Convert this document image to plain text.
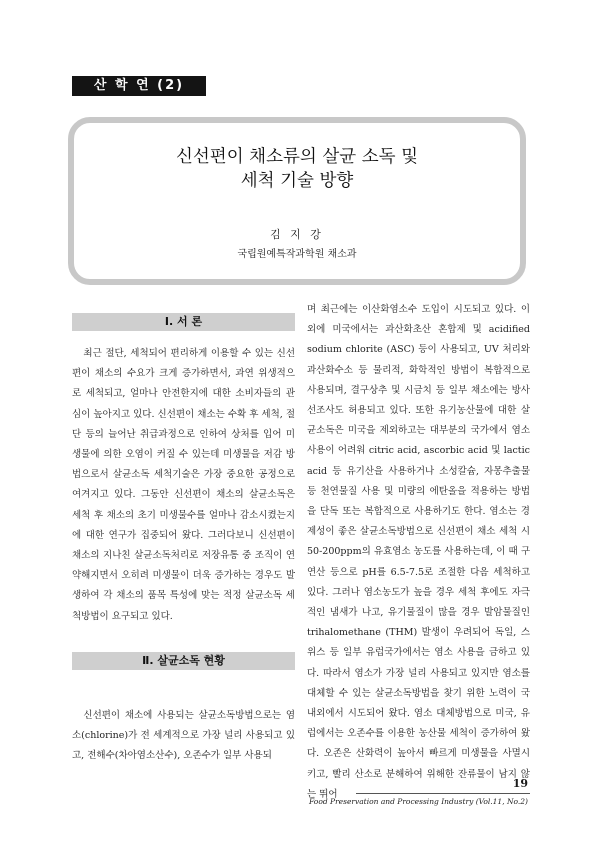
산 학 연 (2)
신선편이 채소류의 살균 소독 및
세척 기술 방향
김 지 강
국립원예특작과학원 채소과
Ⅰ. 서 론

최근 절단, 세척되어 편리하게 이용할 수 있는 신선편이 채소의 수요가 크게 증가하면서, 과연 위생적으로 세척되고, 얼마나 안전한지에 대한 소비자들의 관심이 높아지고 있다. 신선편이 채소는 수확 후 세척, 절단 등의 늘어난 취급과정으로 인하여 상처를 입어 미생물에 의한 오염이 커질 수 있는데 미생물을 저감 방법으로서 살균소독 세척기술은 가장 중요한 공정으로 여겨지고 있다. 그동안 신선편이 채소의 살균소독은 세척 후 채소의 초기 미생물수를 얼마나 감소시켰는지에 대한 연구가 집중되어 왔다. 그러다보니 신선편이 채소의 지나친 살균소독처리로 저장유통 중 조직이 연약해지면서 오히려 미생물이 더욱 증가하는 경우도 발생하여 각 채소의 품목 특성에 맞는 적정 살균소독 세척방법이 요구되고 있다.

Ⅱ. 살균소독 현황

신선편이 채소에 사용되는 살균소독방법으로는 염소(chlorine)가 전 세계적으로 가장 널리 사용되고 있고, 전해수(차아염소산수), 오존수가 일부 사용되

며 최근에는 이산화염소수 도입이 시도되고 있다. 이외에 미국에서는 과산화초산 혼합제 및 acidified sodium chlorite (ASC) 등이 사용되고, UV 처리와 과산화수소 등 물리적, 화학적인 방법이 복합적으로 사용되며, 결구상추 및 시금치 등 일부 채소에는 방사선조사도 허용되고 있다. 또한 유기농산물에 대한 살균소독은 미국을 제외하고는 대부분의 국가에서 염소 사용이 어려워 citric acid, ascorbic acid 및 lactic acid 등 유기산을 사용하거나 소성칼슘, 자몽추출물 등 천연물질 사용 및 미량의 에탄올을 적용하는 방법을 단독 또는 복합적으로 사용하기도 한다. 염소는 경제성이 좋은 살균소독방법으로 신선편이 채소 세척 시 50-200ppm의 유효염소 농도를 사용하는데, 이 때 구연산 등으로 pH를 6.5-7.5로 조절한 다음 세척하고 있다. 그러나 염소농도가 높을 경우 세척 후에도 자극적인 냄새가 나고, 유기물질이 많을 경우 발암물질인 trihalomethane (THM) 발생이 우려되어 독일, 스위스 등 일부 유럽국가에서는 염소 사용을 금하고 있다. 따라서 염소가 가장 널리 사용되고 있지만 염소를 대체할 수 있는 살균소독방법을 찾기 위한 노력이 국내외에서 시도되어 왔다. 염소 대체방법으로 미국, 유럽에서는 오존수를 이용한 농산물 세척이 증가하여 왔다. 오존은 산화력이 높아서 빠르게 미생물을 사멸시키고, 빨리 산소로 분해하여 위해한 잔류물이 남지 않는 뛰어

19
Food Preservation and Processing Industry (Vol.11, No.2)
